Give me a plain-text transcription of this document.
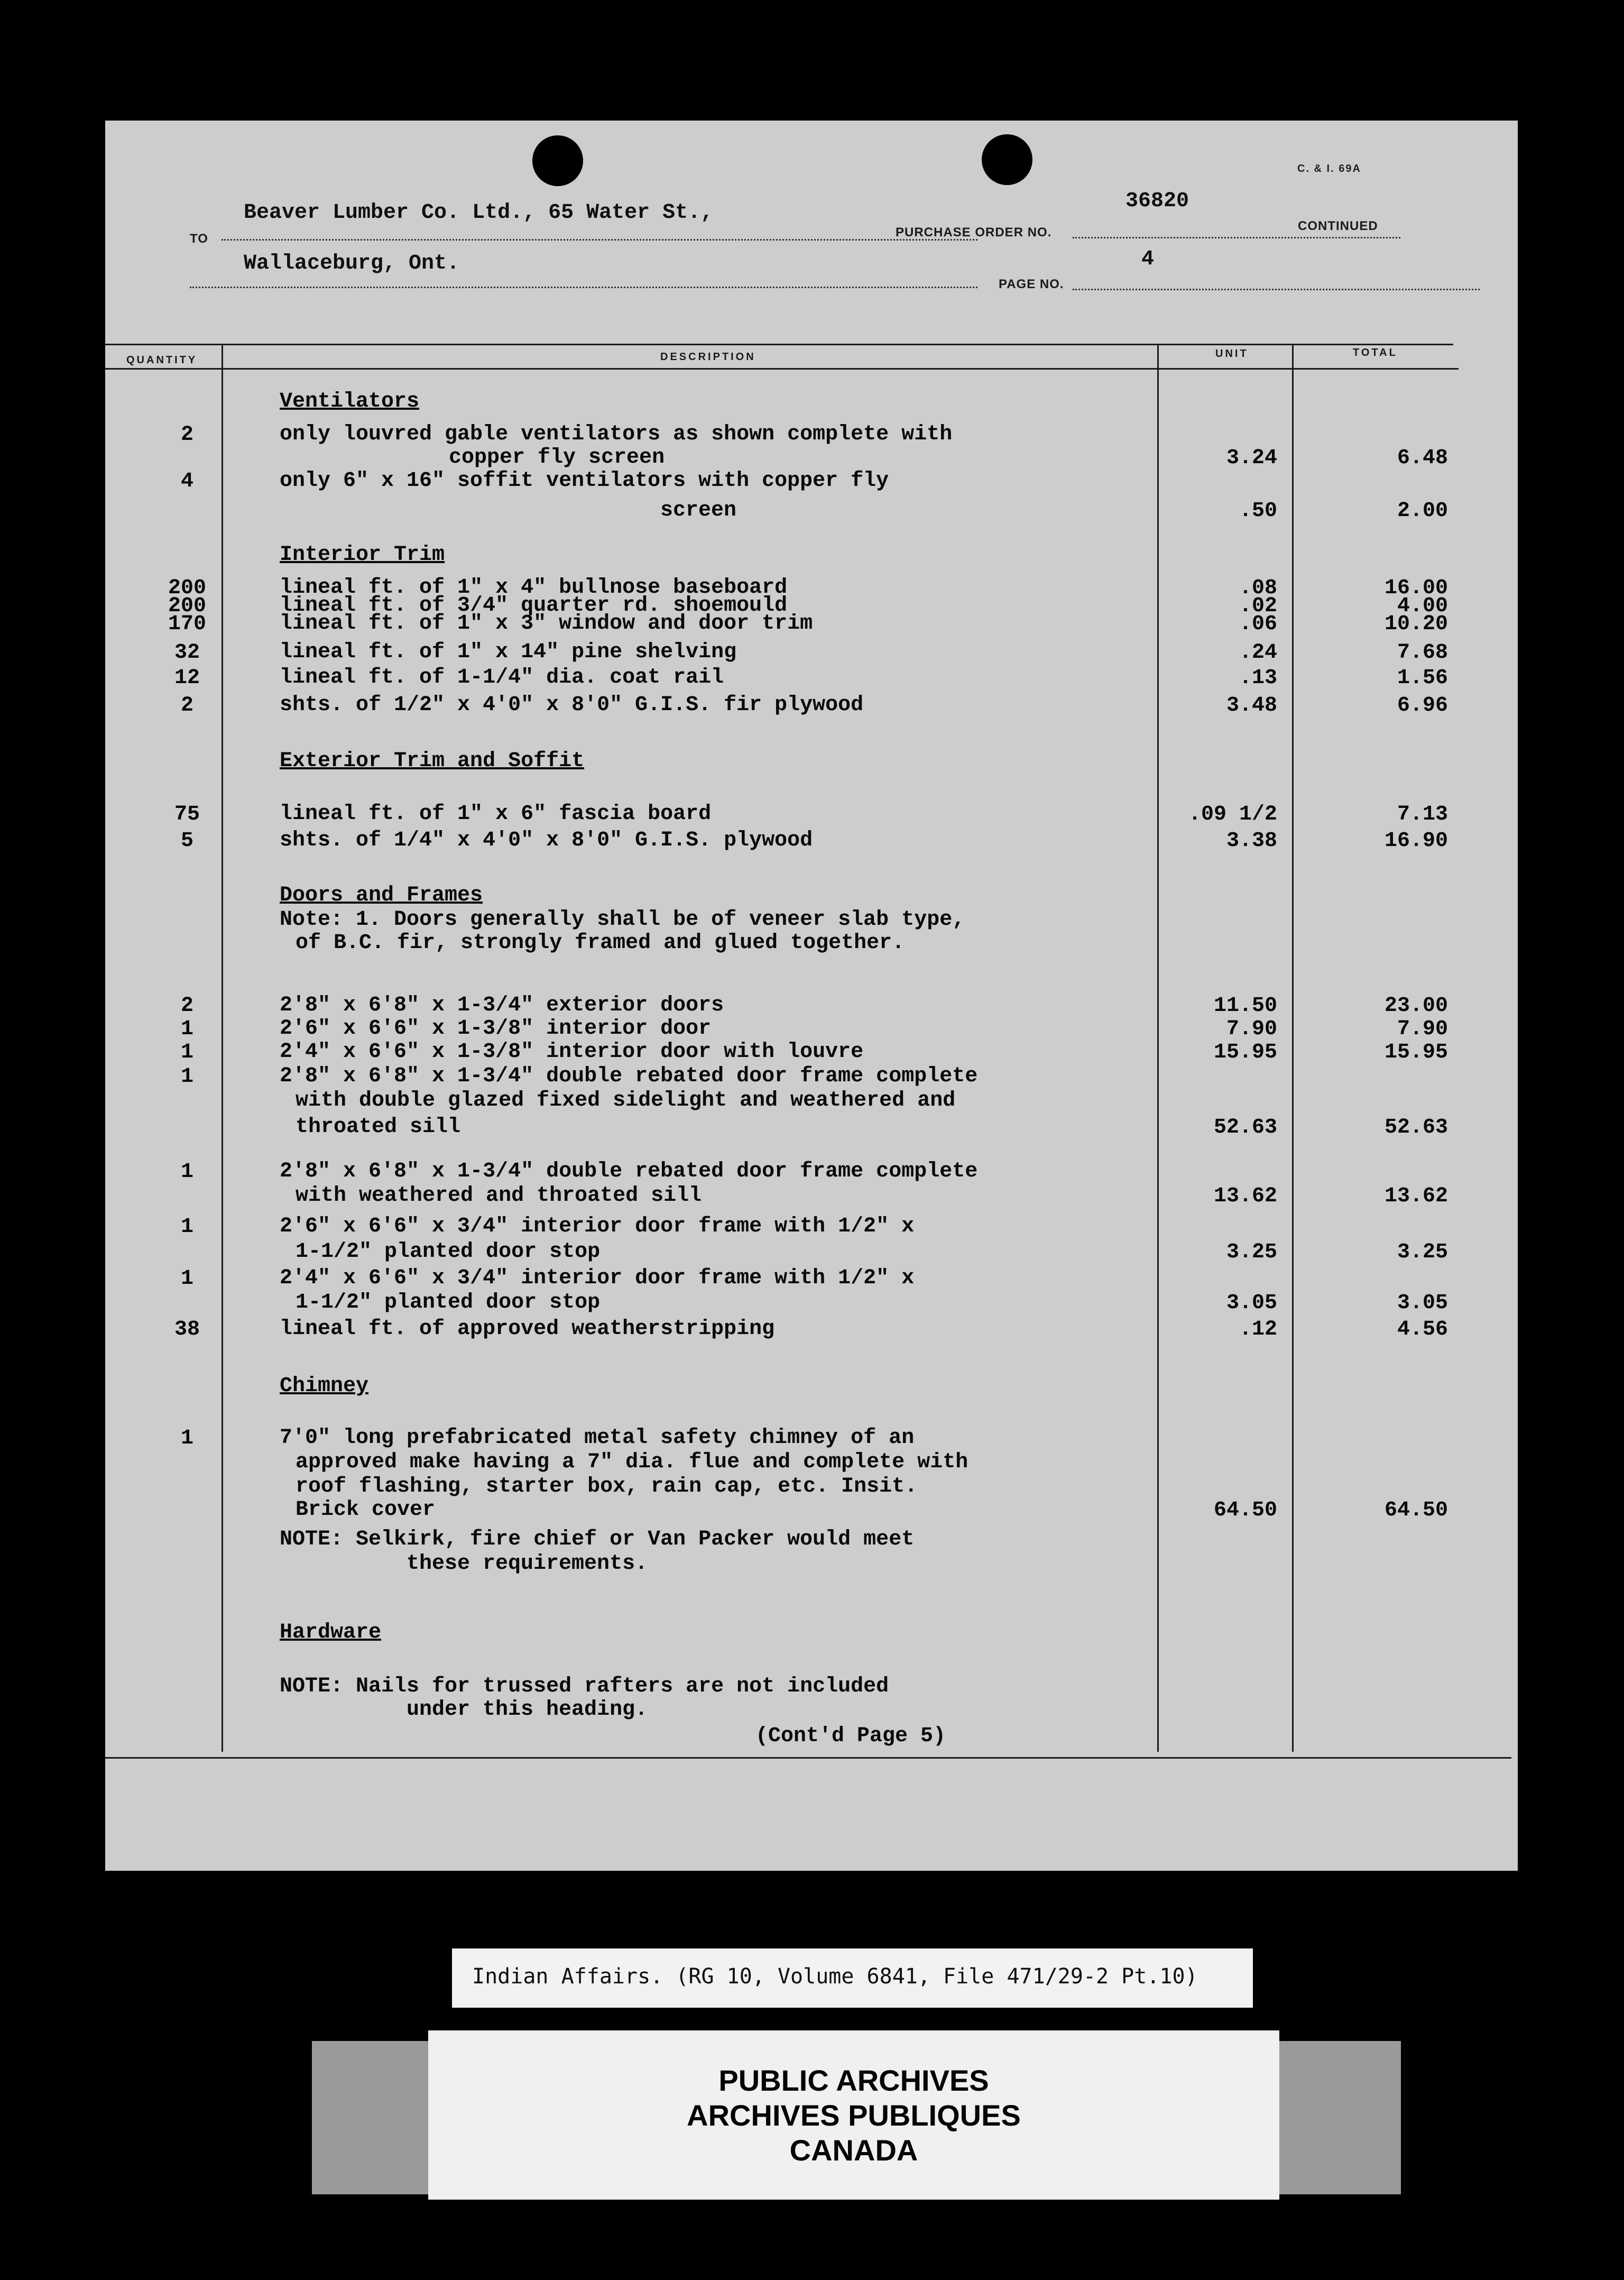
C. & I. 69A
TO
Beaver Lumber Co. Ltd., 65 Water St.,
Wallaceburg, Ont.
PURCHASE ORDER NO.
36820
CONTINUED
PAGE NO.
4
QUANTITY	DESCRIPTION	UNIT	TOTAL
Ventilators
2	only louvred gable ventilators as shown complete with
copper fly screen	3.24	6.48
4	only 6" x 16" soffit ventilators with copper fly
screen	.50	2.00
Interior Trim
200	lineal ft. of 1" x 4" bullnose baseboard	.08	16.00
200	lineal ft. of 3/4" quarter rd. shoemould	.02	4.00
170	lineal ft. of 1" x 3" window and door trim	.06	10.20
32	lineal ft. of 1" x 14" pine shelving	.24	7.68
12	lineal ft. of 1-1/4" dia. coat rail	.13	1.56
2	shts. of 1/2" x 4'0" x 8'0" G.I.S. fir plywood	3.48	6.96
Exterior Trim and Soffit
75	lineal ft. of 1" x 6" fascia board	.09 1/2	7.13
5	shts. of 1/4" x 4'0" x 8'0" G.I.S. plywood	3.38	16.90
Doors and Frames
Note: 1. Doors generally shall be of veneer slab type,
of B.C. fir, strongly framed and glued together.
2	2'8" x 6'8" x 1-3/4" exterior doors	11.50	23.00
1	2'6" x 6'6" x 1-3/8" interior door	7.90	7.90
1	2'4" x 6'6" x 1-3/8" interior door with louvre	15.95	15.95
1	2'8" x 6'8" x 1-3/4" double rebated door frame complete
with double glazed fixed sidelight and weathered and
throated sill	52.63	52.63
1	2'8" x 6'8" x 1-3/4" double rebated door frame complete
with weathered and throated sill	13.62	13.62
1	2'6" x 6'6" x 3/4" interior door frame with 1/2" x
1-1/2" planted door stop	3.25	3.25
1	2'4" x 6'6" x 3/4" interior door frame with 1/2" x
1-1/2" planted door stop	3.05	3.05
38	lineal ft. of approved weatherstripping	.12	4.56
Chimney
1	7'0" long prefabricated metal safety chimney of an
approved make having a 7" dia. flue and complete with
roof flashing, starter box, rain cap, etc. Insit.
Brick cover	64.50	64.50
NOTE: Selkirk, fire chief or Van Packer would meet
these requirements.
Hardware
NOTE: Nails for trussed rafters are not included
under this heading.
(Cont'd Page 5)
Indian Affairs. (RG 10, Volume 6841, File 471/29-2 Pt.10)
PUBLIC ARCHIVES
ARCHIVES PUBLIQUES
CANADA
